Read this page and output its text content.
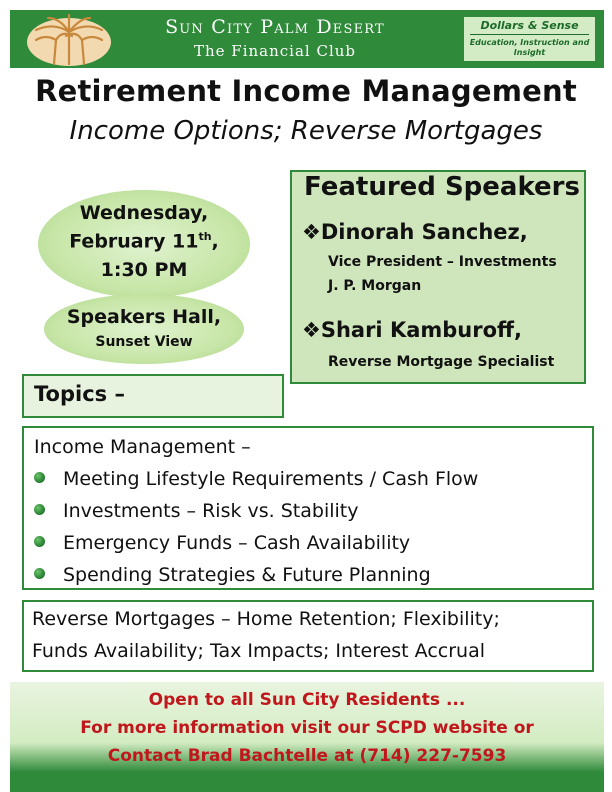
Sun City Palm Desert
The Financial Club
Dollars & Sense
Education, Instruction and Insight
Retirement Income Management
Income Options; Reverse Mortgages
Wednesday,
February 11th,
1:30 PM
Speakers Hall,
Sunset View
Featured Speakers
❖Dinorah Sanchez,
Vice President – Investments
J. P. Morgan
❖Shari Kamburoff,
Reverse Mortgage Specialist
Topics –
Income Management –
Meeting Lifestyle Requirements / Cash Flow
Investments – Risk vs. Stability
Emergency Funds – Cash Availability
Spending Strategies & Future Planning
Reverse Mortgages – Home Retention; Flexibility;
Funds Availability; Tax Impacts; Interest Accrual
Open to all Sun City Residents ...
For more information visit our SCPD website or
Contact Brad Bachtelle at (714) 227-7593
